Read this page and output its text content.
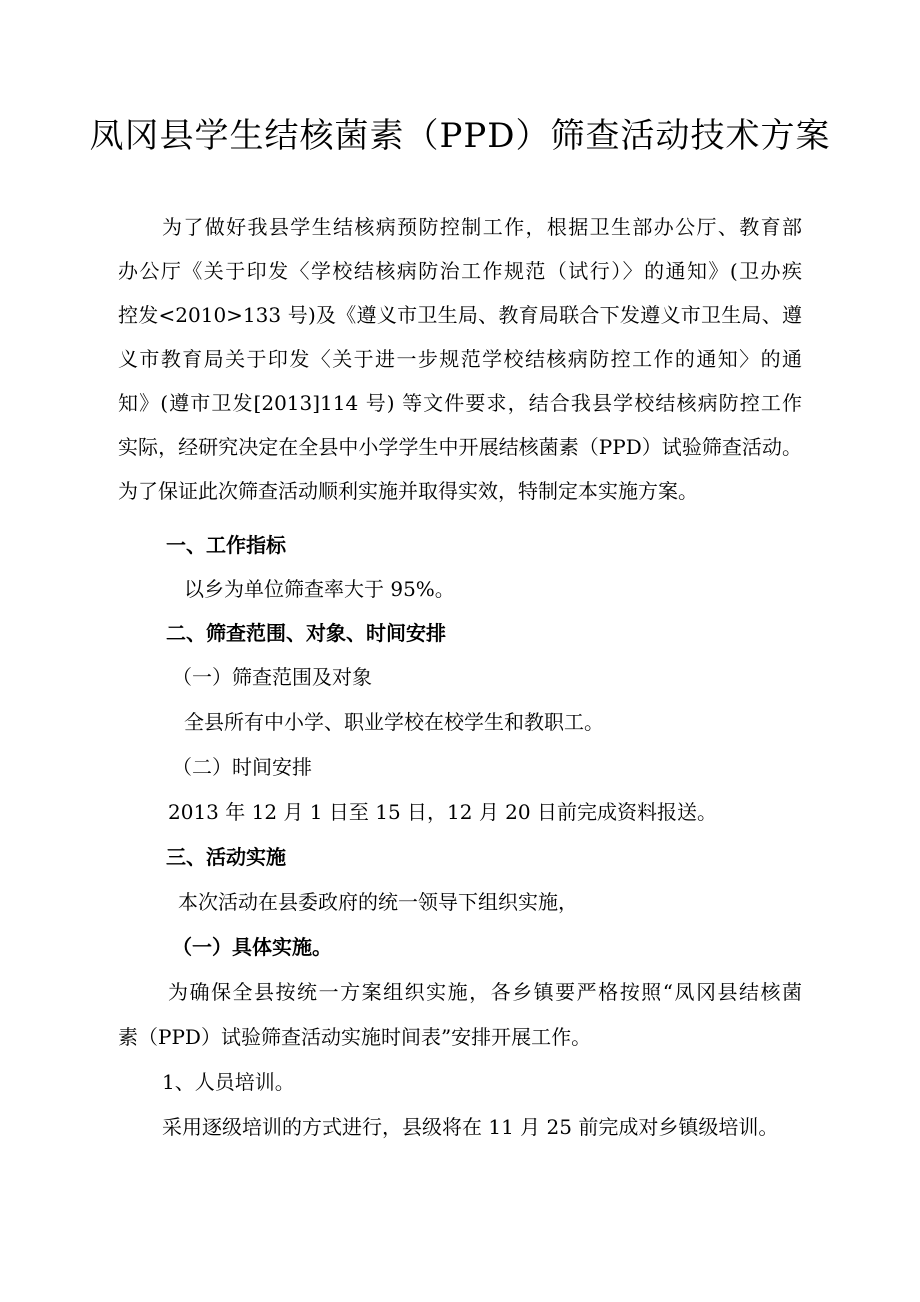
凤冈县学生结核菌素（PPD）筛查活动技术方案
为了做好我县学生结核病预防控制工作，根据卫生部办公厅、教育部
办公厅《关于印发〈学校结核病防治工作规范（试行）〉的通知》(卫办疾
控发<2010>133 号)及《遵义市卫生局、教育局联合下发遵义市卫生局、遵
义市教育局关于印发〈关于进一步规范学校结核病防控工作的通知〉的通
知》(遵市卫发[2013]114 号) 等文件要求，结合我县学校结核病防控工作
实际，经研究决定在全县中小学学生中开展结核菌素（PPD）试验筛查活动。
为了保证此次筛查活动顺利实施并取得实效，特制定本实施方案。
一、工作指标
以乡为单位筛查率大于 95%。
二、筛查范围、对象、时间安排
（一）筛查范围及对象
全县所有中小学、职业学校在校学生和教职工。
（二）时间安排
2013 年 12 月 1 日至 15 日，12 月 20 日前完成资料报送。
三、活动实施
本次活动在县委政府的统一领导下组织实施，
（一）具体实施。
为确保全县按统一方案组织实施，各乡镇要严格按照“凤冈县结核菌
素（PPD）试验筛查活动实施时间表”安排开展工作。
1、人员培训。
采用逐级培训的方式进行，县级将在 11 月 25 前完成对乡镇级培训。
